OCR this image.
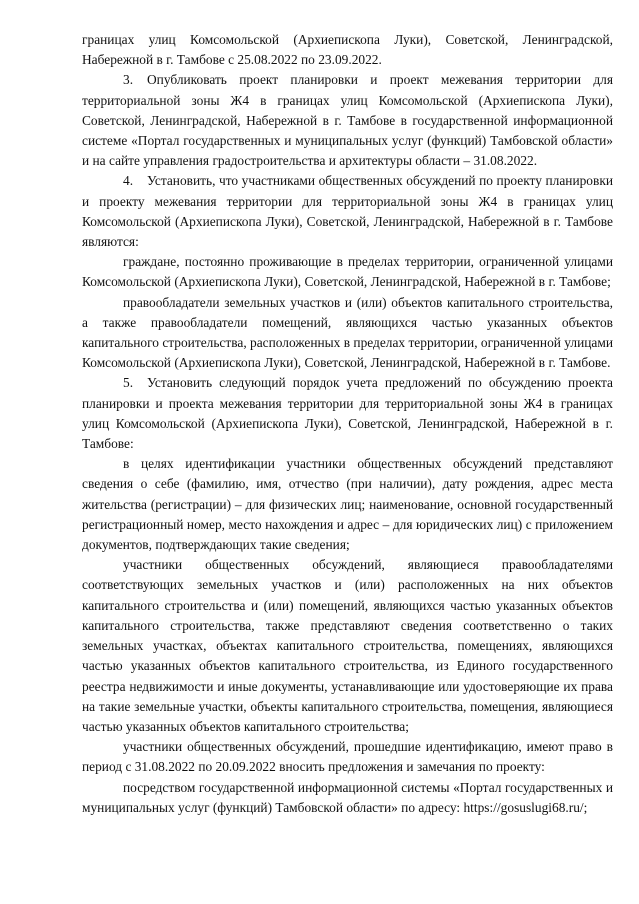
границах улиц Комсомольской (Архиепископа Луки), Советской, Ленинградской, Набережной в г. Тамбове с 25.08.2022 по 23.09.2022.

3. Опубликовать проект планировки и проект межевания территории для территориальной зоны Ж4 в границах улиц Комсомольской (Архиепископа Луки), Советской, Ленинградской, Набережной в г. Тамбове в государственной информационной системе «Портал государственных и муниципальных услуг (функций) Тамбовской области» и на сайте управления градостроительства и архитектуры области – 31.08.2022.

4. Установить, что участниками общественных обсуждений по проекту планировки и проекту межевания территории для территориальной зоны Ж4 в границах улиц Комсомольской (Архиепископа Луки), Советской, Ленинградской, Набережной в г. Тамбове являются:

граждане, постоянно проживающие в пределах территории, ограниченной улицами Комсомольской (Архиепископа Луки), Советской, Ленинградской, Набережной в г. Тамбове;

правообладатели земельных участков и (или) объектов капитального строительства, а также правообладатели помещений, являющихся частью указанных объектов капитального строительства, расположенных в пределах территории, ограниченной улицами Комсомольской (Архиепископа Луки), Советской, Ленинградской, Набережной в г. Тамбове.

5. Установить следующий порядок учета предложений по обсуждению проекта планировки и проекта межевания территории для территориальной зоны Ж4 в границах улиц Комсомольской (Архиепископа Луки), Советской, Ленинградской, Набережной в г. Тамбове:

в целях идентификации участники общественных обсуждений представляют сведения о себе (фамилию, имя, отчество (при наличии), дату рождения, адрес места жительства (регистрации) – для физических лиц; наименование, основной государственный регистрационный номер, место нахождения и адрес – для юридических лиц) с приложением документов, подтверждающих такие сведения;

участники общественных обсуждений, являющиеся правообладателями соответствующих земельных участков и (или) расположенных на них объектов капитального строительства и (или) помещений, являющихся частью указанных объектов капитального строительства, также представляют сведения соответственно о таких земельных участках, объектах капитального строительства, помещениях, являющихся частью указанных объектов капитального строительства, из Единого государственного реестра недвижимости и иные документы, устанавливающие или удостоверяющие их права на такие земельные участки, объекты капитального строительства, помещения, являющиеся частью указанных объектов капитального строительства;

участники общественных обсуждений, прошедшие идентификацию, имеют право в период с 31.08.2022 по 20.09.2022 вносить предложения и замечания по проекту:

посредством государственной информационной системы «Портал государственных и муниципальных услуг (функций) Тамбовской области» по адресу: https://gosuslugi68.ru/;
